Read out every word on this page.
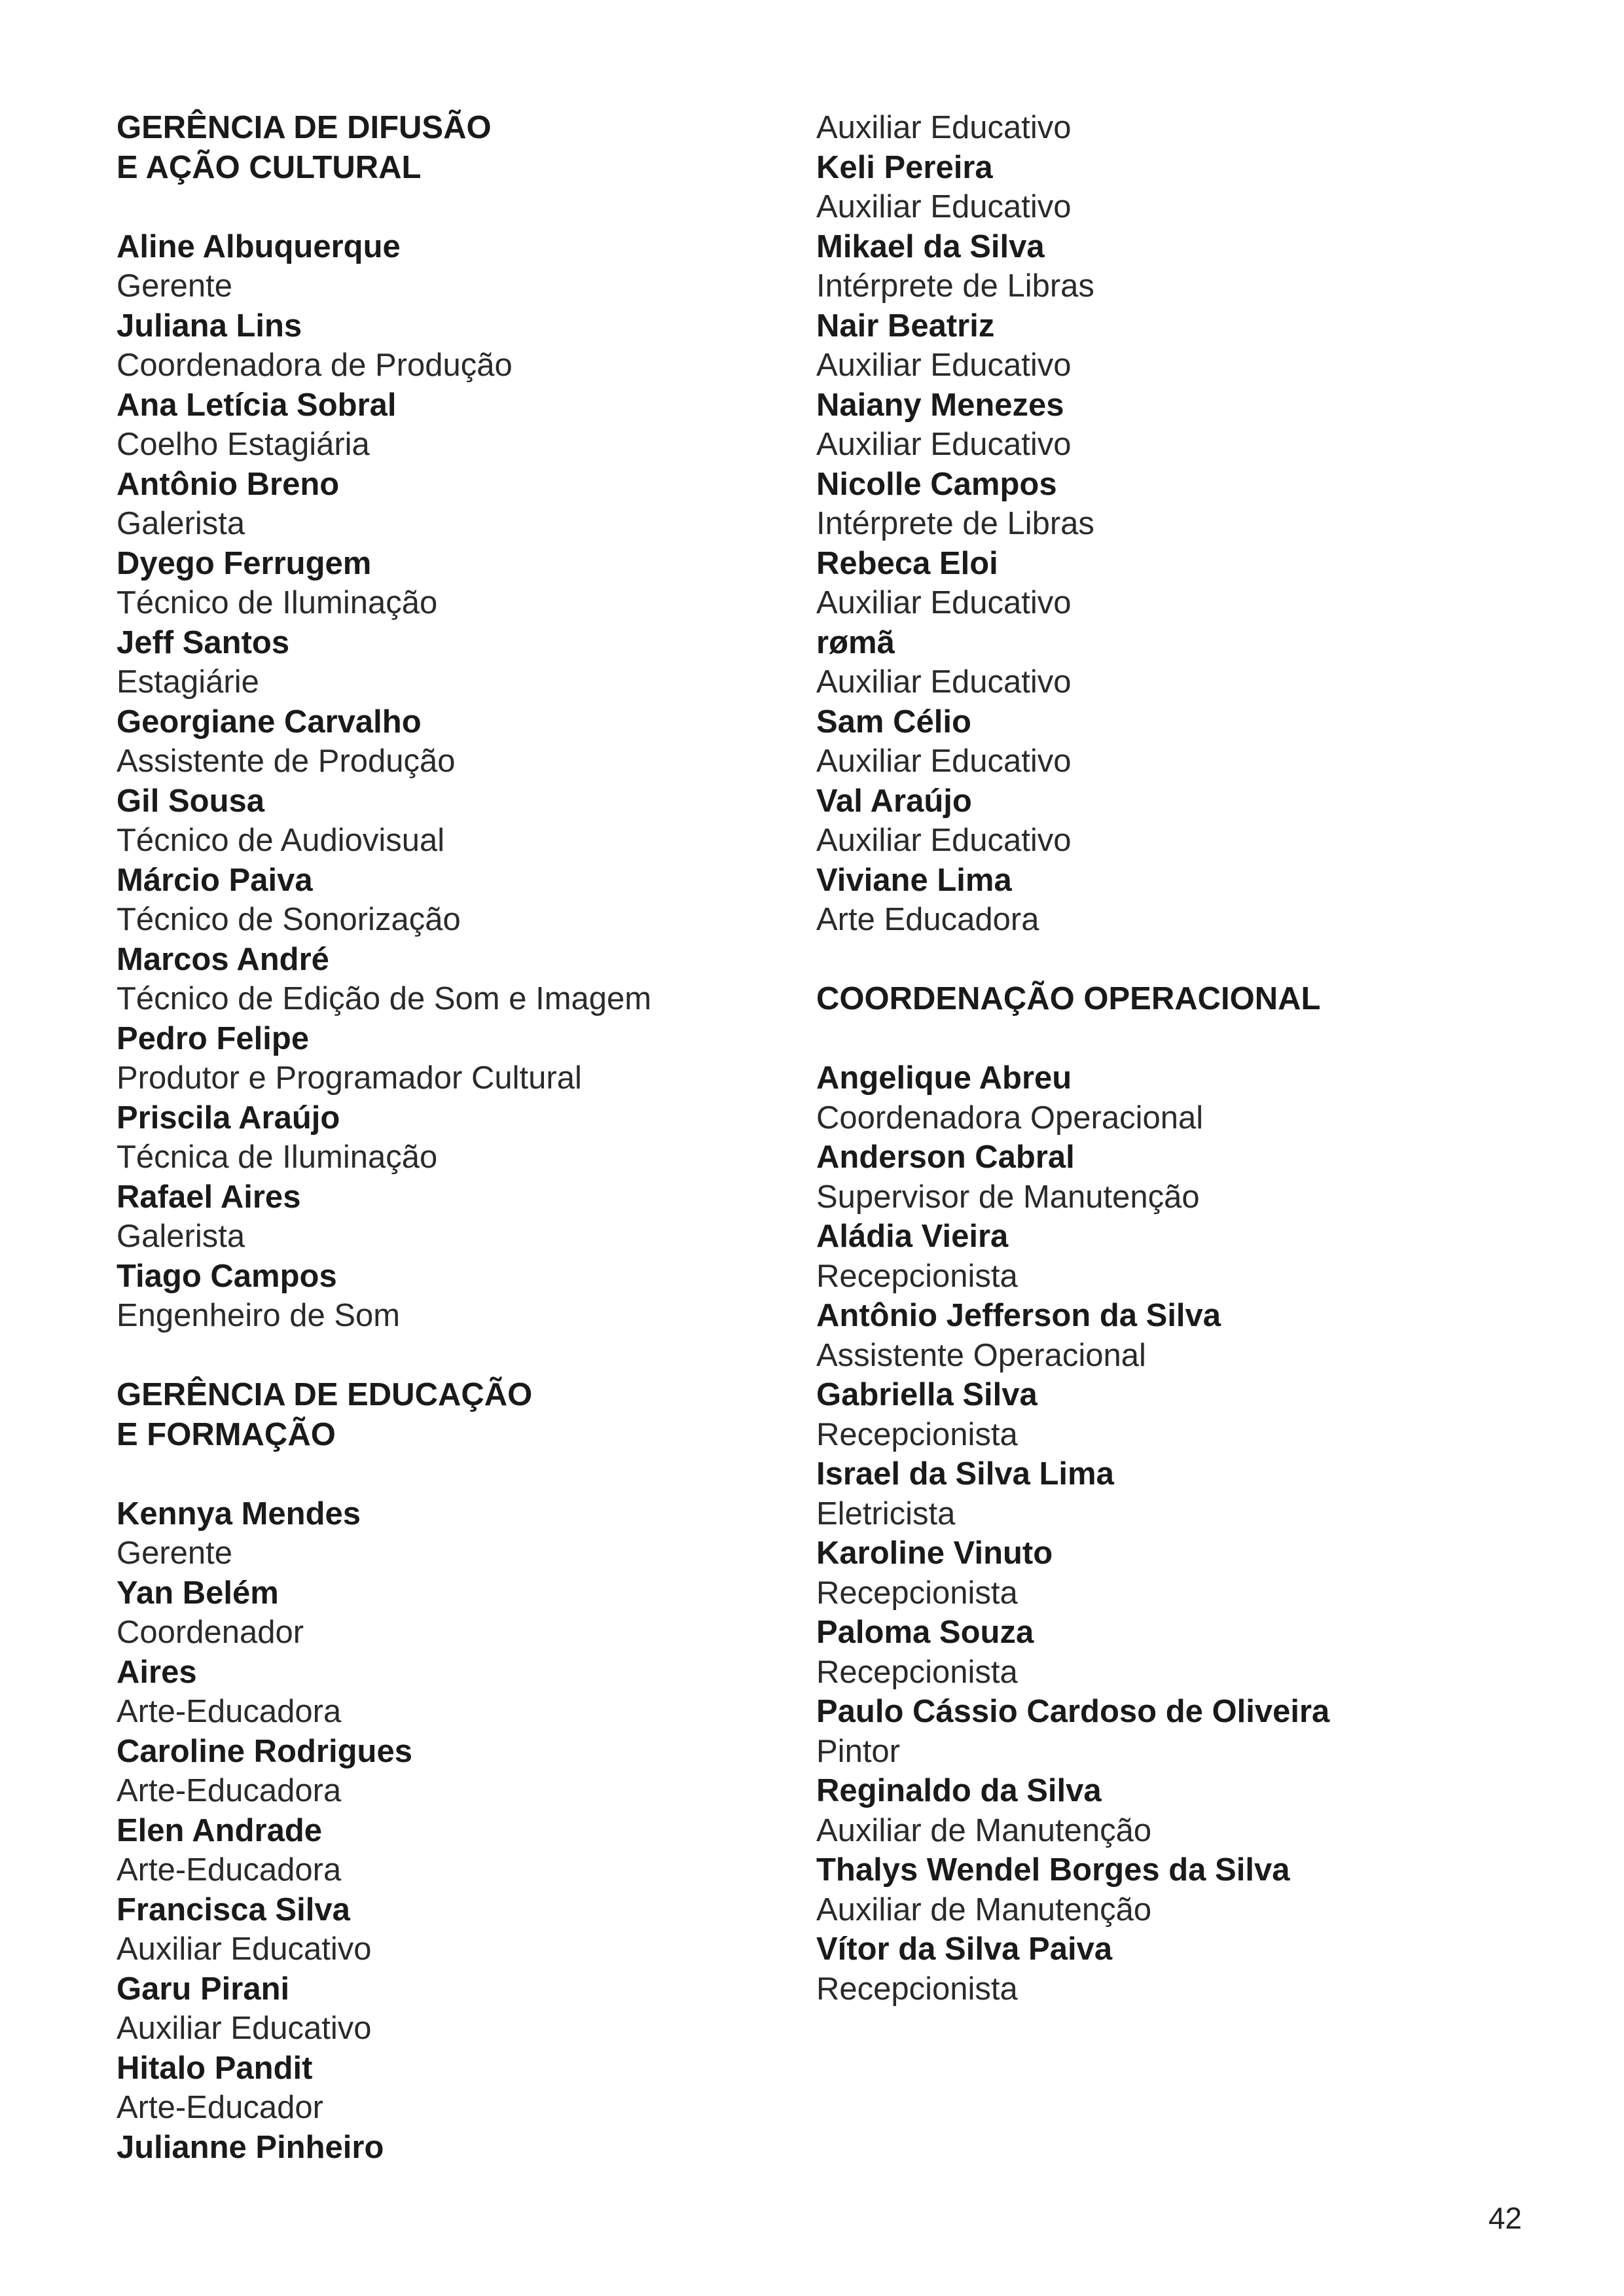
GERÊNCIA DE DIFUSÃO
E AÇÃO CULTURAL
Aline Albuquerque
Gerente
Juliana Lins
Coordenadora de Produção
Ana Letícia Sobral
Coelho Estagiária
Antônio Breno
Galerista
Dyego Ferrugem
Técnico de Iluminação
Jeff Santos
Estagiárie
Georgiane Carvalho
Assistente de Produção
Gil Sousa
Técnico de Audiovisual
Márcio Paiva
Técnico de Sonorização
Marcos André
Técnico de Edição de Som e Imagem
Pedro Felipe
Produtor e Programador Cultural
Priscila Araújo
Técnica de Iluminação
Rafael Aires
Galerista
Tiago Campos
Engenheiro de Som
GERÊNCIA DE EDUCAÇÃO
E FORMAÇÃO
Kennya Mendes
Gerente
Yan Belém
Coordenador
Aires
Arte-Educadora
Caroline Rodrigues
Arte-Educadora
Elen Andrade
Arte-Educadora
Francisca Silva
Auxiliar Educativo
Garu Pirani
Auxiliar Educativo
Hitalo Pandit
Arte-Educador
Julianne Pinheiro
Auxiliar Educativo
Keli Pereira
Auxiliar Educativo
Mikael da Silva
Intérprete de Libras
Nair Beatriz
Auxiliar Educativo
Naiany Menezes
Auxiliar Educativo
Nicolle Campos
Intérprete de Libras
Rebeca Eloi
Auxiliar Educativo
rømã
Auxiliar Educativo
Sam Célio
Auxiliar Educativo
Val Araújo
Auxiliar Educativo
Viviane Lima
Arte Educadora
COORDENAÇÃO OPERACIONAL
Angelique Abreu
Coordenadora Operacional
Anderson Cabral
Supervisor de Manutenção
Aládia Vieira
Recepcionista
Antônio Jefferson da Silva
Assistente Operacional
Gabriella Silva
Recepcionista
Israel da Silva Lima
Eletricista
Karoline Vinuto
Recepcionista
Paloma Souza
Recepcionista
Paulo Cássio Cardoso de Oliveira
Pintor
Reginaldo da Silva
Auxiliar de Manutenção
Thalys Wendel Borges da Silva
Auxiliar de Manutenção
Vítor da Silva Paiva
Recepcionista
42
